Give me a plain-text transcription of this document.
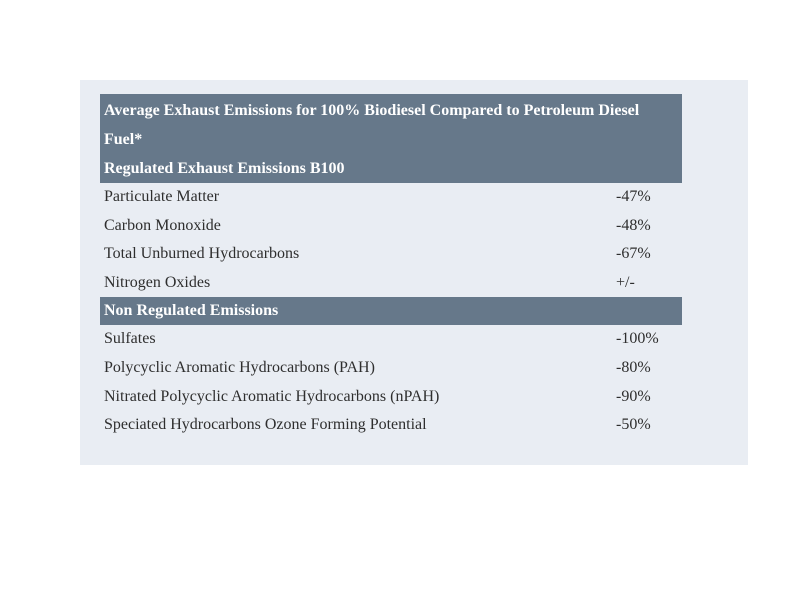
Average Exhaust Emissions for 100% Biodiesel Compared to Petroleum Diesel
Fuel*
Regulated Exhaust Emissions B100
Particulate Matter	-47%
Carbon Monoxide	-48%
Total Unburned Hydrocarbons	-67%
Nitrogen Oxides	+/-
Non Regulated Emissions
Sulfates	-100%
Polycyclic Aromatic Hydrocarbons (PAH)	-80%
Nitrated Polycyclic Aromatic Hydrocarbons (nPAH)	-90%
Speciated Hydrocarbons Ozone Forming Potential	-50%
